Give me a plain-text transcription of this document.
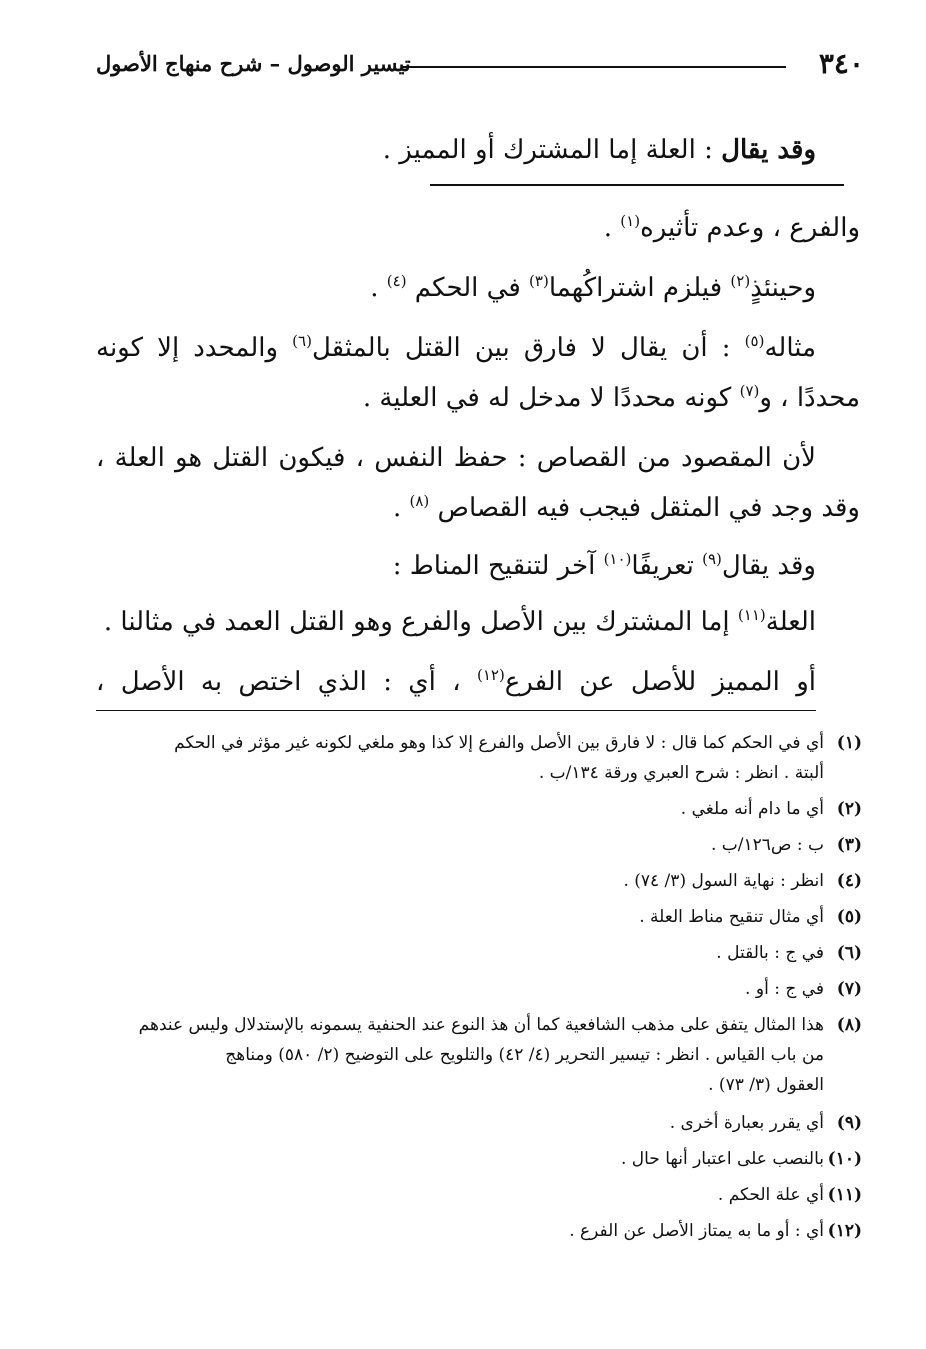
٣٤٠
تيسير الوصول – شرح منهاج الأصول
وقد يقال : العلة إما المشترك أو المميز .
والفرع ، وعدم تأثيره$^{(١)}$ .
وحينئذٍ$^{(٢)}$ فيلزم اشتراكُهما$^{(٣)}$ في الحكم $^{(٤)}$ .
مثاله$^{(٥)}$ : أن يقال لا فارق بين القتل بالمثقل$^{(٦)}$ والمحدد إلا كونه
محددًا ، و$^{(٧)}$ كونه محددًا لا مدخل له في العلية .
لأن المقصود من القصاص : حفظ النفس ، فيكون القتل هو العلة ،
وقد وجد في المثقل فيجب فيه القصاص $^{(٨)}$ .
وقد يقال$^{(٩)}$ تعريفًا$^{(١٠)}$ آخر لتنقيح المناط :
العلة$^{(١١)}$ إما المشترك بين الأصل والفرع وهو القتل العمد في مثالنا .
أو المميز للأصل عن الفرع$^{(١٢)}$ ، أي : الذي اختص به الأصل ،
(١)أي في الحكم كما قال : لا فارق بين الأصل والفرع إلا كذا وهو ملغي لكونه غير مؤثر في الحكم
ألبتة . انظر : شرح العبري ورقة ١٣٤/ب .
(٢)أي ما دام أنه ملغي .
(٣)ب : ص١٢٦/ب .
(٤)انظر : نهاية السول (٣/ ٧٤) .
(٥)أي مثال تنقيح مناط العلة .
(٦)في ج : بالقتل .
(٧)في ج : أو .
(٨)هذا المثال يتفق على مذهب الشافعية كما أن هذ النوع عند الحنفية يسمونه بالإستدلال وليس عندهم
من باب القياس . انظر : تيسير التحرير (٤/ ٤٢) والتلويح على التوضيح (٢/ ٥٨٠) ومناهج
العقول (٣/ ٧٣) .
(٩)أي يقرر بعبارة أخرى .
(١٠)بالنصب على اعتبار أنها حال .
(١١)أي علة الحكم .
(١٢)أي : أو ما به يمتاز الأصل عن الفرع .
